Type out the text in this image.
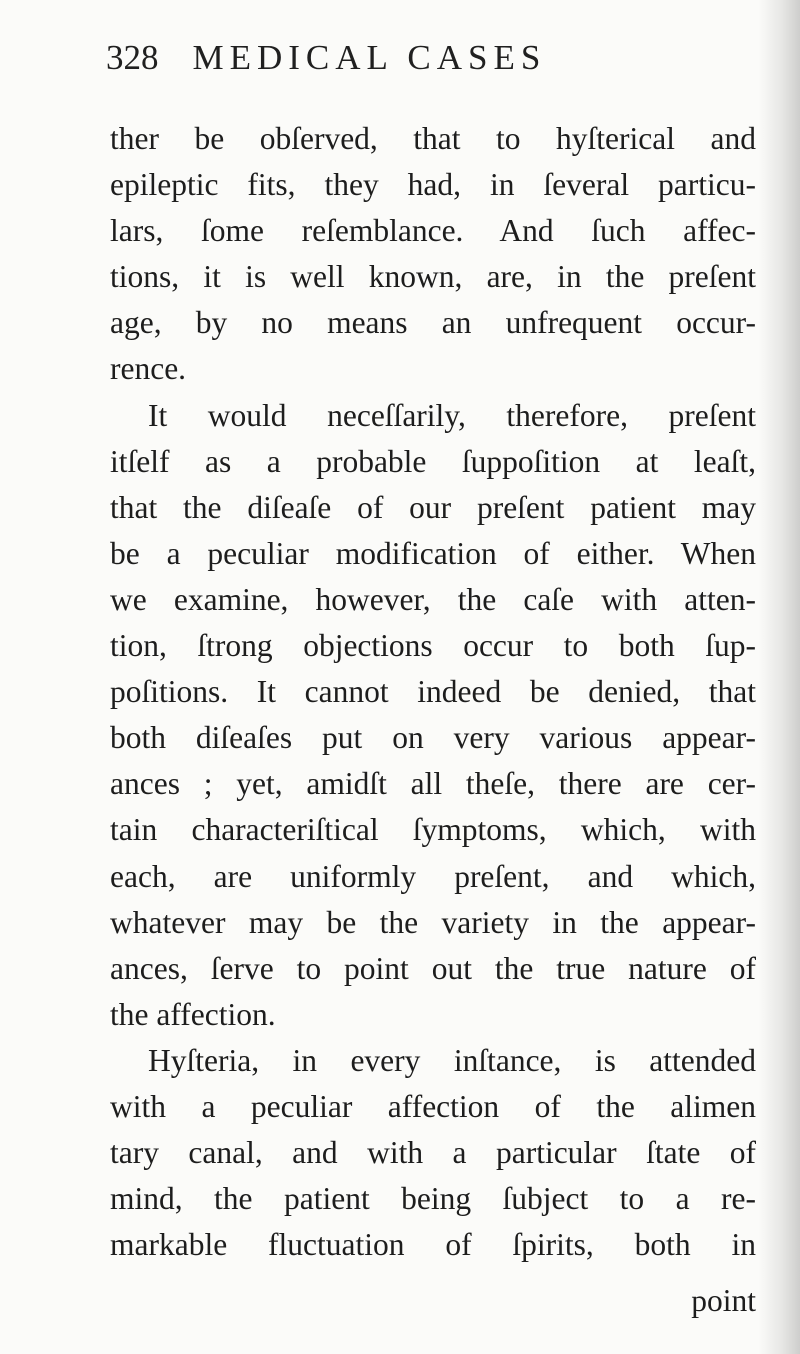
328 MEDICAL CASES
ther be obſerved, that to hyſterical and
epileptic fits, they had, in ſeveral particu-
lars, ſome reſemblance. And ſuch affec-
tions, it is well known, are, in the preſent
age, by no means an unfrequent occur-
rence.
It would neceſſarily, therefore, preſent
itſelf as a probable ſuppoſition at leaſt,
that the diſeaſe of our preſent patient may
be a peculiar modification of either. When
we examine, however, the caſe with atten-
tion, ſtrong objections occur to both ſup-
poſitions. It cannot indeed be denied, that
both diſeaſes put on very various appear-
ances ; yet, amidſt all theſe, there are cer-
tain characteriſtical ſymptoms, which, with
each, are uniformly preſent, and which,
whatever may be the variety in the appear-
ances, ſerve to point out the true nature of
the affection.
Hyſteria, in every inſtance, is attended
with a peculiar affection of the alimen
tary canal, and with a particular ſtate of
mind, the patient being ſubject to a re-
markable fluctuation of ſpirits, both in
point
